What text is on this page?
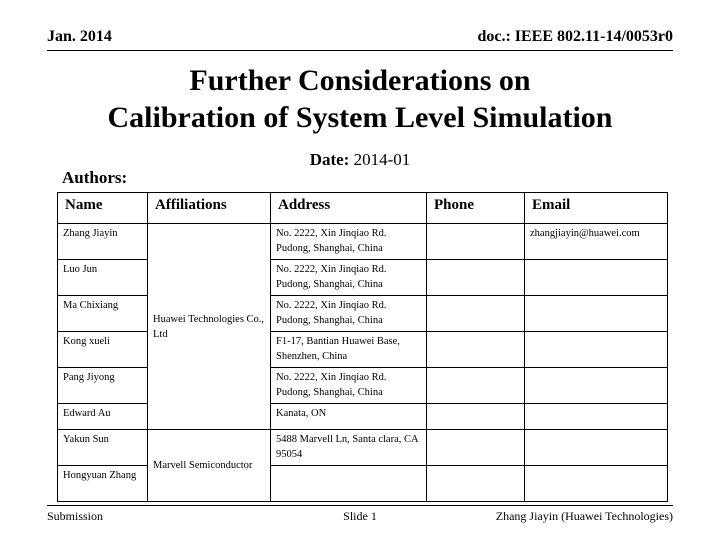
Jan. 2014	doc.: IEEE 802.11-14/0053r0
Further Considerations on
Calibration of System Level Simulation
Date: 2014-01
Authors:
Name	Affiliations	Address	Phone	Email
Zhang Jiayin	Huawei Technologies Co., Ltd	No. 2222, Xin Jinqiao Rd. Pudong, Shanghai, China		zhangjiayin@huawei.com
Luo Jun		No. 2222, Xin Jinqiao Rd. Pudong, Shanghai, China		
Ma Chixiang		No. 2222, Xin Jinqiao Rd. Pudong, Shanghai, China		
Kong xueli		F1-17, Bantian Huawei Base, Shenzhen, China		
Pang Jiyong		No. 2222, Xin Jinqiao Rd. Pudong, Shanghai, China		
Edward Au		Kanata, ON		
Yakun Sun	Marvell Semiconductor	5488 Marvell Ln, Santa clara, CA 95054		
Hongyuan Zhang				
Submission	Slide 1	Zhang Jiayin (Huawei Technologies)
